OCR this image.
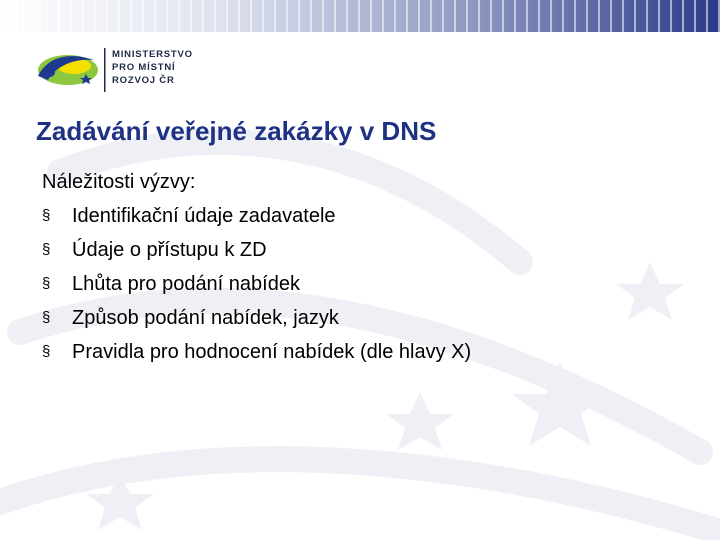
MINISTERSTVO
PRO MÍSTNÍ
ROZVOJ ČR
Zadávání veřejné zakázky v DNS
Náležitosti výzvy:
§	Identifikační údaje zadavatele
§	Údaje o přístupu k ZD
§	Lhůta pro podání nabídek
§	Způsob podání nabídek, jazyk
§	Pravidla pro hodnocení nabídek (dle hlavy X)
